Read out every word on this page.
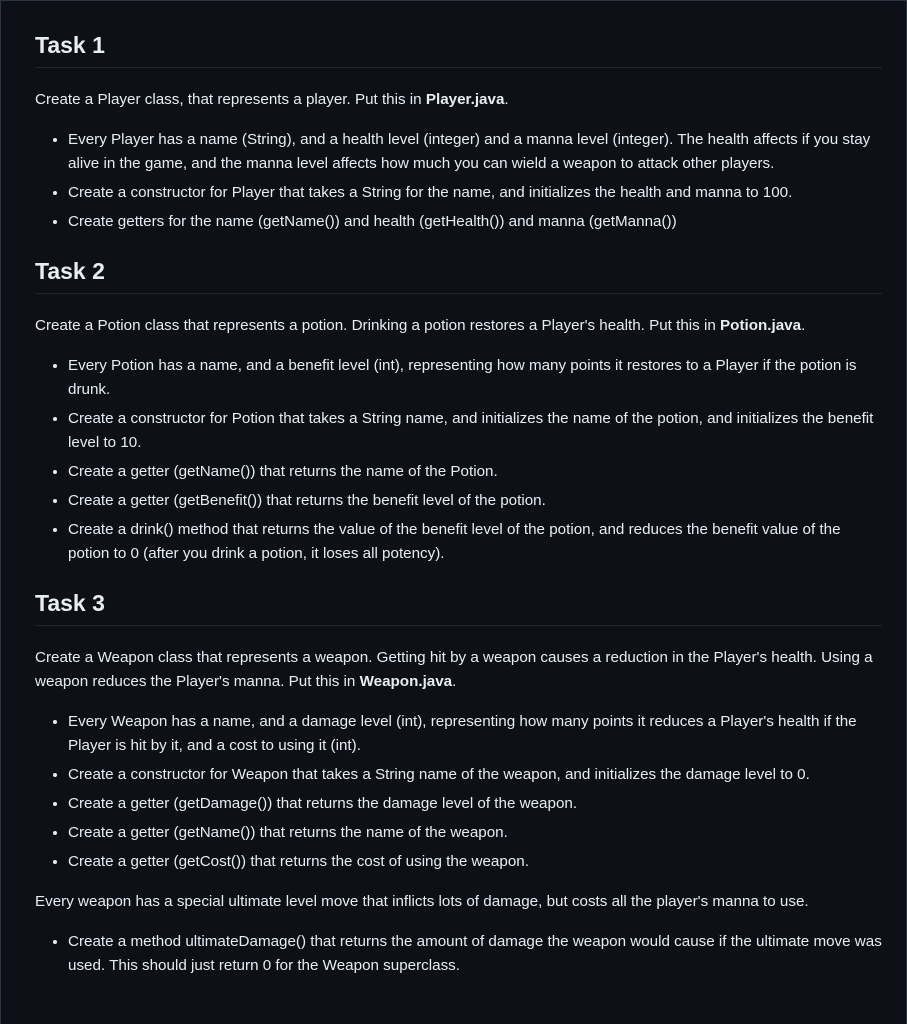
Task 1

Create a Player class, that represents a player. Put this in Player.java.

• Every Player has a name (String), and a health level (integer) and a manna level (integer). The health affects if you stay alive in the game, and the manna level affects how much you can wield a weapon to attack other players.
• Create a constructor for Player that takes a String for the name, and initializes the health and manna to 100.
• Create getters for the name (getName()) and health (getHealth()) and manna (getManna())
Task 2

Create a Potion class that represents a potion. Drinking a potion restores a Player's health. Put this in Potion.java.

• Every Potion has a name, and a benefit level (int), representing how many points it restores to a Player if the potion is drunk.
• Create a constructor for Potion that takes a String name, and initializes the name of the potion, and initializes the benefit level to 10.
• Create a getter (getName()) that returns the name of the Potion.
• Create a getter (getBenefit()) that returns the benefit level of the potion.
• Create a drink() method that returns the value of the benefit level of the potion, and reduces the benefit value of the potion to 0 (after you drink a potion, it loses all potency).
Task 3

Create a Weapon class that represents a weapon. Getting hit by a weapon causes a reduction in the Player's health. Using a weapon reduces the Player's manna. Put this in Weapon.java.

• Every Weapon has a name, and a damage level (int), representing how many points it reduces a Player's health if the Player is hit by it, and a cost to using it (int).
• Create a constructor for Weapon that takes a String name of the weapon, and initializes the damage level to 0.
• Create a getter (getDamage()) that returns the damage level of the weapon.
• Create a getter (getName()) that returns the name of the weapon.
• Create a getter (getCost()) that returns the cost of using the weapon.

Every weapon has a special ultimate level move that inflicts lots of damage, but costs all the player's manna to use.

• Create a method ultimateDamage() that returns the amount of damage the weapon would cause if the ultimate move was used. This should just return 0 for the Weapon superclass.
